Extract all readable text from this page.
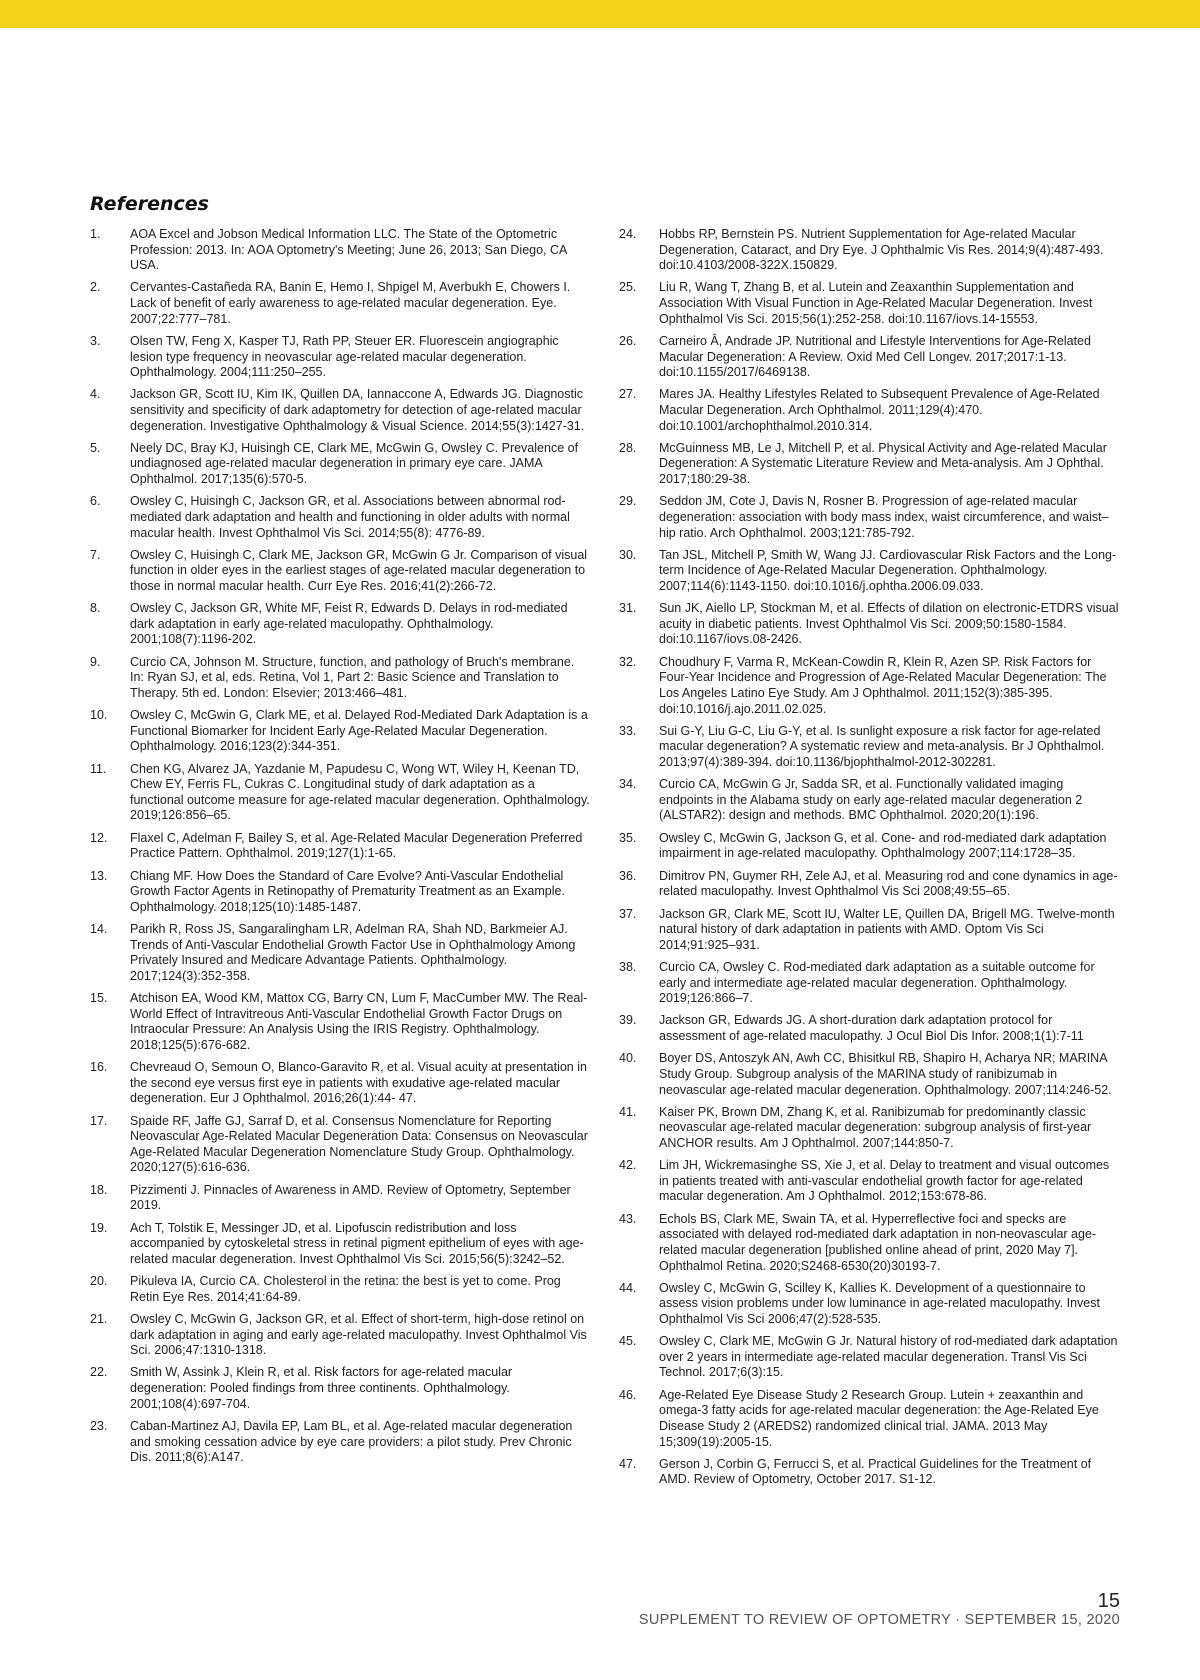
References
1.	AOA Excel and Jobson Medical Information LLC. The State of the Optometric Profession: 2013. In: AOA Optometry's Meeting; June 26, 2013; San Diego, CA USA.
2.	Cervantes-Castañeda RA, Banin E, Hemo I, Shpigel M, Averbukh E, Chowers I. Lack of benefit of early awareness to age-related macular degeneration. Eye. 2007;22:777–781.
3.	Olsen TW, Feng X, Kasper TJ, Rath PP, Steuer ER. Fluorescein angiographic lesion type frequency in neovascular age-related macular degeneration. Ophthalmology. 2004;111:250–255.
4.	Jackson GR, Scott IU, Kim IK, Quillen DA, Iannaccone A, Edwards JG. Diagnostic sensitivity and specificity of dark adaptometry for detection of age-related macular degeneration. Investigative Ophthalmology & Visual Science. 2014;55(3):1427-31.
5.	Neely DC, Bray KJ, Huisingh CE, Clark ME, McGwin G, Owsley C. Prevalence of undiagnosed age-related macular degeneration in primary eye care. JAMA Ophthalmol. 2017;135(6):570-5.
6.	Owsley C, Huisingh C, Jackson GR, et al. Associations between abnormal rod-mediated dark adaptation and health and functioning in older adults with normal macular health. Invest Ophthalmol Vis Sci. 2014;55(8): 4776-89.
7.	Owsley C, Huisingh C, Clark ME, Jackson GR, McGwin G Jr. Comparison of visual function in older eyes in the earliest stages of age-related macular degeneration to those in normal macular health. Curr Eye Res. 2016;41(2):266-72.
8.	Owsley C, Jackson GR, White MF, Feist R, Edwards D. Delays in rod-mediated dark adaptation in early age-related maculopathy. Ophthalmology. 2001;108(7):1196-202.
9.	Curcio CA, Johnson M. Structure, function, and pathology of Bruch's membrane. In: Ryan SJ, et al, eds. Retina, Vol 1, Part 2: Basic Science and Translation to Therapy. 5th ed. London: Elsevier; 2013:466–481.
10.	Owsley C, McGwin G, Clark ME, et al. Delayed Rod-Mediated Dark Adaptation is a Functional Biomarker for Incident Early Age-Related Macular Degeneration. Ophthalmology. 2016;123(2):344-351.
11.	Chen KG, Alvarez JA, Yazdanie M, Papudesu C, Wong WT, Wiley H, Keenan TD, Chew EY, Ferris FL, Cukras C. Longitudinal study of dark adaptation as a functional outcome measure for age-related macular degeneration. Ophthalmology. 2019;126:856–65.
12.	Flaxel C, Adelman F, Bailey S, et al. Age-Related Macular Degeneration Preferred Practice Pattern. Ophthalmol. 2019;127(1):1-65.
13.	Chiang MF. How Does the Standard of Care Evolve? Anti-Vascular Endothelial Growth Factor Agents in Retinopathy of Prematurity Treatment as an Example. Ophthalmology. 2018;125(10):1485-1487.
14.	Parikh R, Ross JS, Sangaralingham LR, Adelman RA, Shah ND, Barkmeier AJ. Trends of Anti-Vascular Endothelial Growth Factor Use in Ophthalmology Among Privately Insured and Medicare Advantage Patients. Ophthalmology. 2017;124(3):352-358.
15.	Atchison EA, Wood KM, Mattox CG, Barry CN, Lum F, MacCumber MW. The Real-World Effect of Intravitreous Anti-Vascular Endothelial Growth Factor Drugs on Intraocular Pressure: An Analysis Using the IRIS Registry. Ophthalmology. 2018;125(5):676-682.
16.	Chevreaud O, Semoun O, Blanco-Garavito R, et al. Visual acuity at presentation in the second eye versus first eye in patients with exudative age-related macular degeneration. Eur J Ophthalmol. 2016;26(1):44- 47.
17.	Spaide RF, Jaffe GJ, Sarraf D, et al. Consensus Nomenclature for Reporting Neovascular Age-Related Macular Degeneration Data: Consensus on Neovascular Age-Related Macular Degeneration Nomenclature Study Group. Ophthalmology. 2020;127(5):616-636.
18.	Pizzimenti J. Pinnacles of Awareness in AMD. Review of Optometry, September 2019.
19.	Ach T, Tolstik E, Messinger JD, et al. Lipofuscin redistribution and loss accompanied by cytoskeletal stress in retinal pigment epithelium of eyes with age-related macular degeneration. Invest Ophthalmol Vis Sci. 2015;56(5):3242–52.
20.	Pikuleva IA, Curcio CA. Cholesterol in the retina: the best is yet to come. Prog Retin Eye Res. 2014;41:64-89.
21.	Owsley C, McGwin G, Jackson GR, et al. Effect of short-term, high-dose retinol on dark adaptation in aging and early age-related maculopathy. Invest Ophthalmol Vis Sci. 2006;47:1310-1318.
22.	Smith W, Assink J, Klein R, et al. Risk factors for age-related macular degeneration: Pooled findings from three continents. Ophthalmology. 2001;108(4):697-704.
23.	Caban-Martinez AJ, Davila EP, Lam BL, et al. Age-related macular degeneration and smoking cessation advice by eye care providers: a pilot study. Prev Chronic Dis. 2011;8(6):A147.
24.	Hobbs RP, Bernstein PS. Nutrient Supplementation for Age-related Macular Degeneration, Cataract, and Dry Eye. J Ophthalmic Vis Res. 2014;9(4):487-493. doi:10.4103/2008-322X.150829.
25.	Liu R, Wang T, Zhang B, et al. Lutein and Zeaxanthin Supplementation and Association With Visual Function in Age-Related Macular Degeneration. Invest Ophthalmol Vis Sci. 2015;56(1):252-258. doi:10.1167/iovs.14-15553.
26.	Carneiro Â, Andrade JP. Nutritional and Lifestyle Interventions for Age-Related Macular Degeneration: A Review. Oxid Med Cell Longev. 2017;2017:1-13. doi:10.1155/2017/6469138.
27.	Mares JA. Healthy Lifestyles Related to Subsequent Prevalence of Age-Related Macular Degeneration. Arch Ophthalmol. 2011;129(4):470. doi:10.1001/archophthalmol.2010.314.
28.	McGuinness MB, Le J, Mitchell P, et al. Physical Activity and Age-related Macular Degeneration: A Systematic Literature Review and Meta-analysis. Am J Ophthal. 2017;180:29-38.
29.	Seddon JM, Cote J, Davis N, Rosner B. Progression of age-related macular degeneration: association with body mass index, waist circumference, and waist–hip ratio. Arch Ophthalmol. 2003;121:785-792.
30.	Tan JSL, Mitchell P, Smith W, Wang JJ. Cardiovascular Risk Factors and the Long-term Incidence of Age-Related Macular Degeneration. Ophthalmology. 2007;114(6):1143-1150. doi:10.1016/j.ophtha.2006.09.033.
31.	Sun JK, Aiello LP, Stockman M, et al. Effects of dilation on electronic-ETDRS visual acuity in diabetic patients. Invest Ophthalmol Vis Sci. 2009;50:1580-1584. doi:10.1167/iovs.08-2426.
32.	Choudhury F, Varma R, McKean-Cowdin R, Klein R, Azen SP. Risk Factors for Four-Year Incidence and Progression of Age-Related Macular Degeneration: The Los Angeles Latino Eye Study. Am J Ophthalmol. 2011;152(3):385-395. doi:10.1016/j.ajo.2011.02.025.
33.	Sui G-Y, Liu G-C, Liu G-Y, et al. Is sunlight exposure a risk factor for age-related macular degeneration? A systematic review and meta-analysis. Br J Ophthalmol. 2013;97(4):389-394. doi:10.1136/bjophthalmol-2012-302281.
34.	Curcio CA, McGwin G Jr, Sadda SR, et al. Functionally validated imaging endpoints in the Alabama study on early age-related macular degeneration 2 (ALSTAR2): design and methods. BMC Ophthalmol. 2020;20(1):196.
35.	Owsley C, McGwin G, Jackson G, et al. Cone- and rod-mediated dark adaptation impairment in age-related maculopathy. Ophthalmology 2007;114:1728–35.
36.	Dimitrov PN, Guymer RH, Zele AJ, et al. Measuring rod and cone dynamics in age-related maculopathy. Invest Ophthalmol Vis Sci 2008;49:55–65.
37.	Jackson GR, Clark ME, Scott IU, Walter LE, Quillen DA, Brigell MG. Twelve-month natural history of dark adaptation in patients with AMD. Optom Vis Sci 2014;91:925–931.
38.	Curcio CA, Owsley C. Rod-mediated dark adaptation as a suitable outcome for early and intermediate age-related macular degeneration. Ophthalmology. 2019;126:866–7.
39.	Jackson GR, Edwards JG. A short-duration dark adaptation protocol for assessment of age-related maculopathy. J Ocul Biol Dis Infor. 2008;1(1):7-11
40.	Boyer DS, Antoszyk AN, Awh CC, Bhisitkul RB, Shapiro H, Acharya NR; MARINA Study Group. Subgroup analysis of the MARINA study of ranibizumab in neovascular age-related macular degeneration. Ophthalmology. 2007;114:246-52.
41.	Kaiser PK, Brown DM, Zhang K, et al. Ranibizumab for predominantly classic neovascular age-related macular degeneration: subgroup analysis of first-year ANCHOR results. Am J Ophthalmol. 2007;144:850-7.
42.	Lim JH, Wickremasinghe SS, Xie J, et al. Delay to treatment and visual outcomes in patients treated with anti-vascular endothelial growth factor for age-related macular degeneration. Am J Ophthalmol. 2012;153:678-86.
43.	Echols BS, Clark ME, Swain TA, et al. Hyperreflective foci and specks are associated with delayed rod-mediated dark adaptation in non-neovascular age-related macular degeneration [published online ahead of print, 2020 May 7]. Ophthalmol Retina. 2020;S2468-6530(20)30193-7.
44.	Owsley C, McGwin G, Scilley K, Kallies K. Development of a questionnaire to assess vision problems under low luminance in age-related maculopathy. Invest Ophthalmol Vis Sci 2006;47(2):528-535.
45.	Owsley C, Clark ME, McGwin G Jr. Natural history of rod-mediated dark adaptation over 2 years in intermediate age-related macular degeneration. Transl Vis Sci Technol. 2017;6(3):15.
46.	Age-Related Eye Disease Study 2 Research Group. Lutein + zeaxanthin and omega-3 fatty acids for age-related macular degeneration: the Age-Related Eye Disease Study 2 (AREDS2) randomized clinical trial. JAMA. 2013 May 15;309(19):2005-15.
47.	Gerson J, Corbin G, Ferrucci S, et al. Practical Guidelines for the Treatment of AMD. Review of Optometry, October 2017. S1-12.
15
SUPPLEMENT TO REVIEW OF OPTOMETRY · SEPTEMBER 15, 2020
